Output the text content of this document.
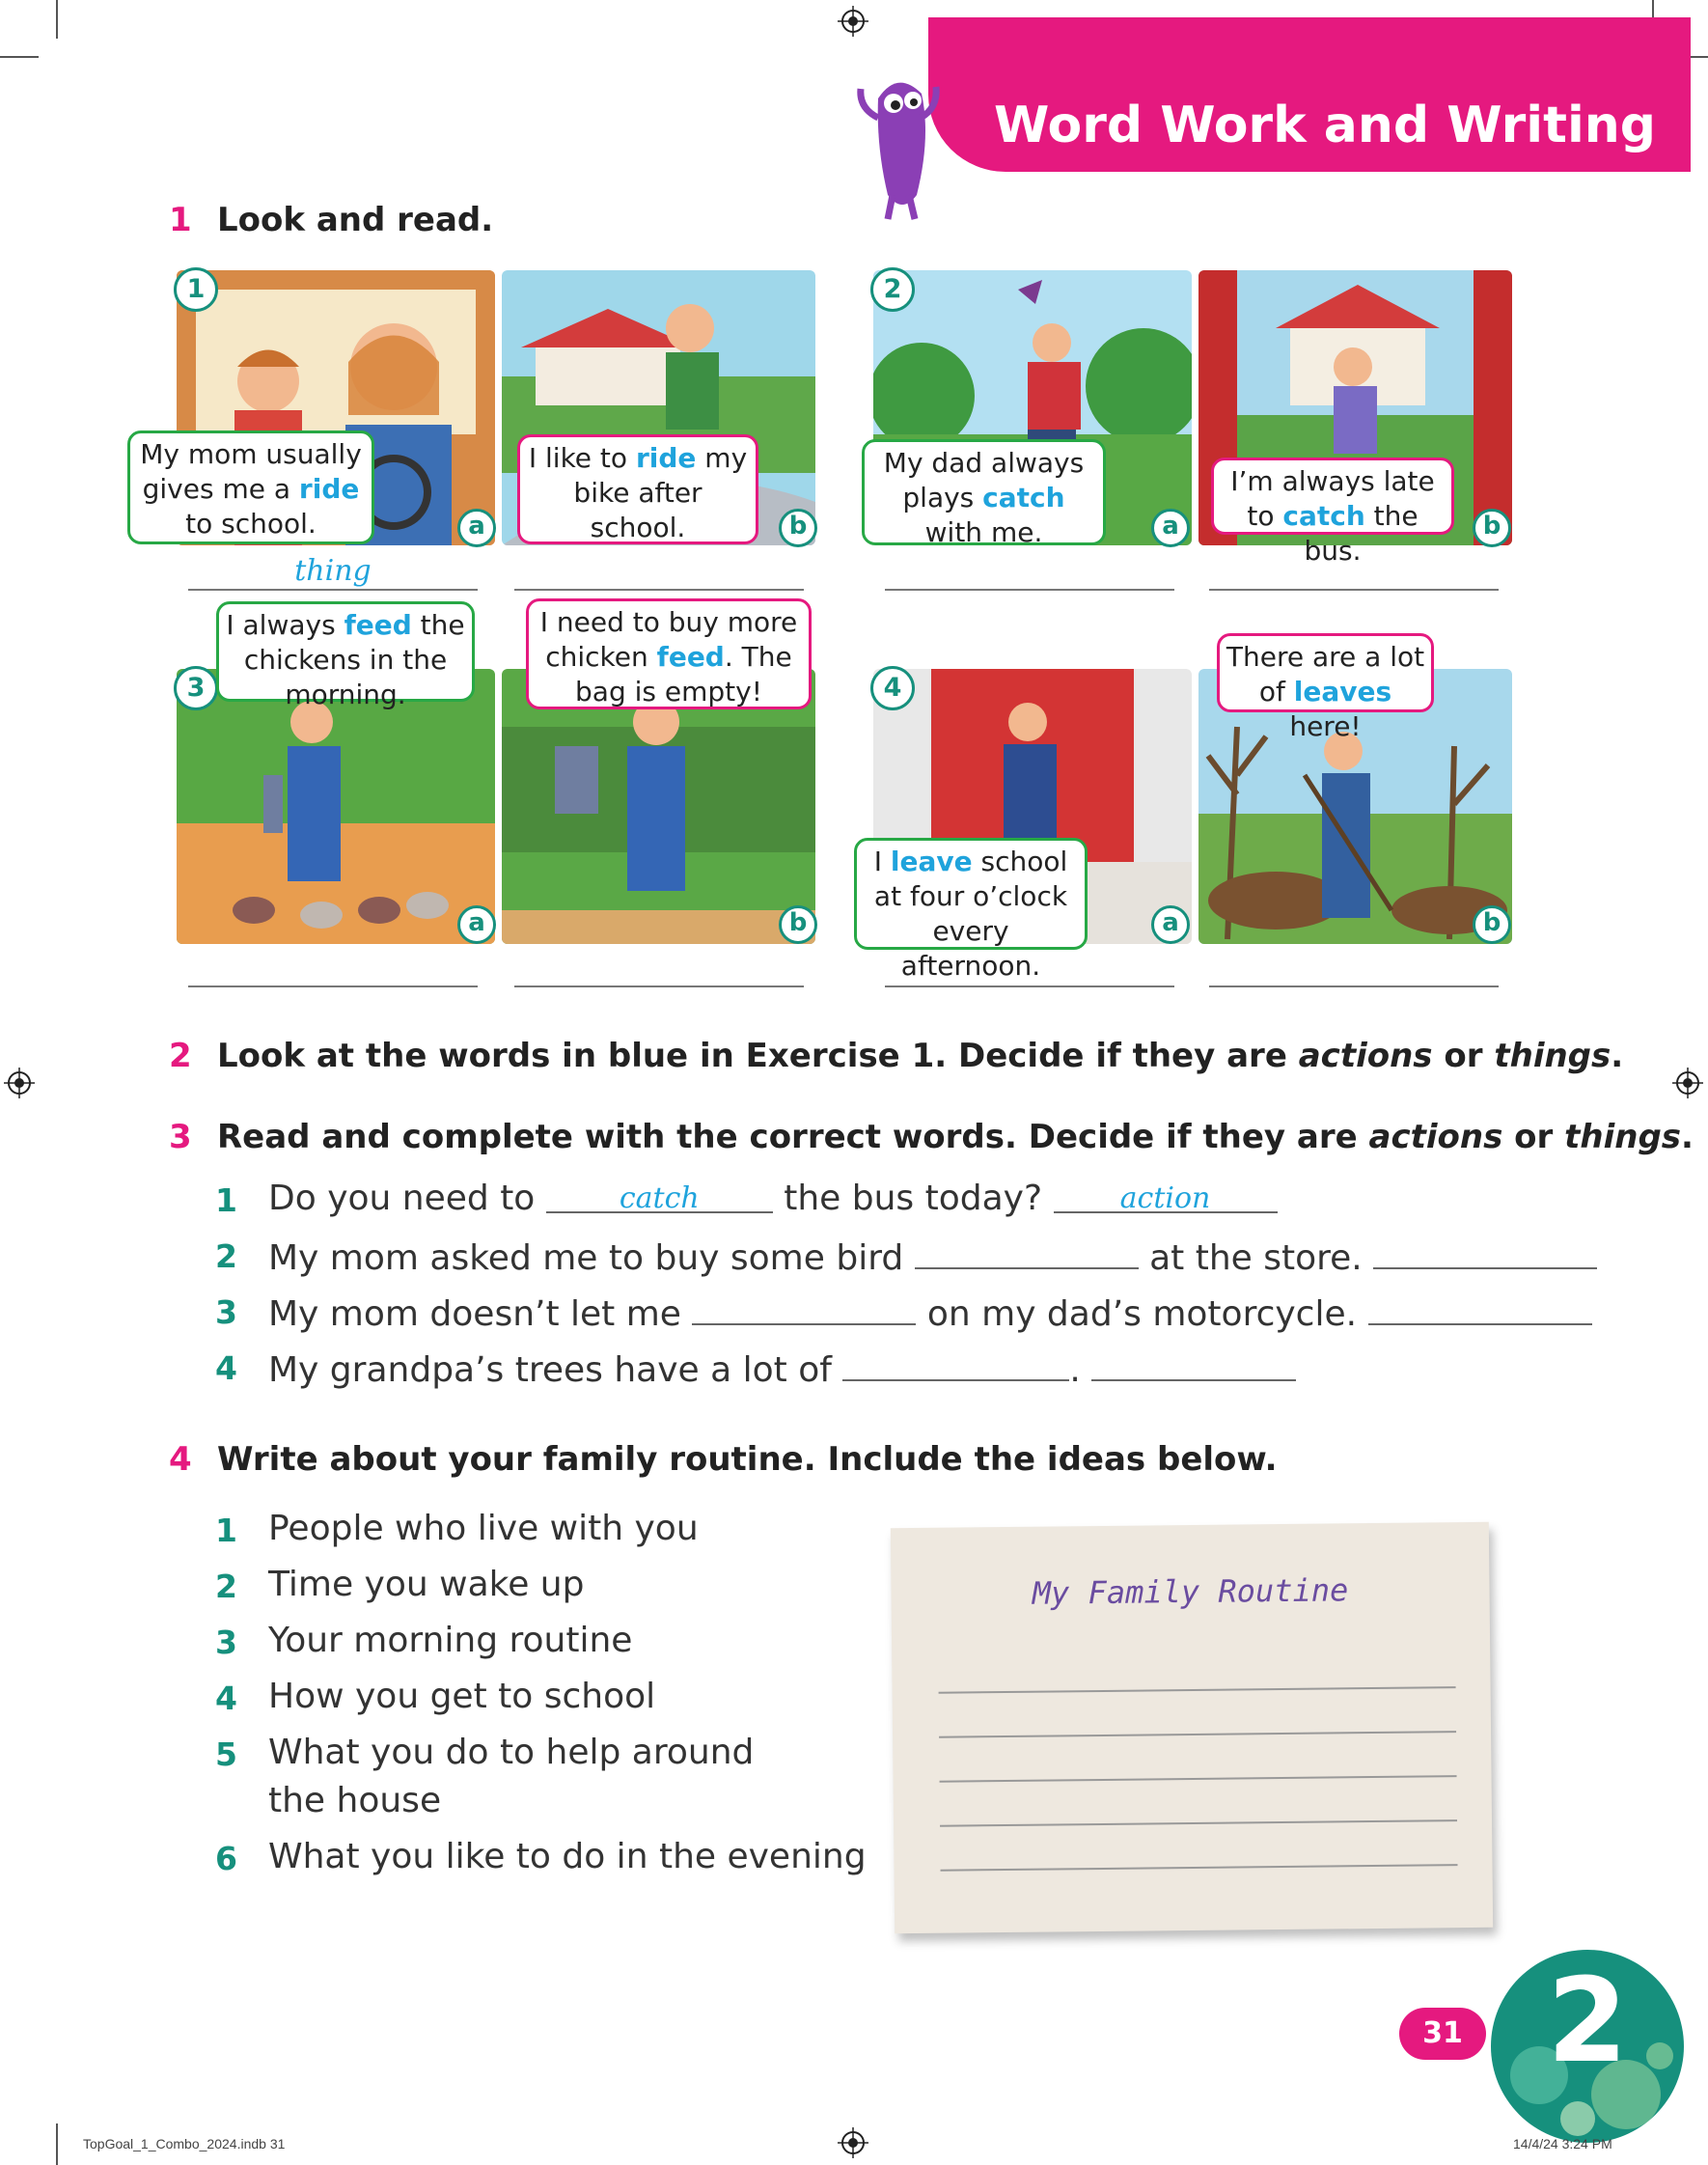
Word Work and Writing
1 Look and read.
1
My mom usually gives me a ride to school.
I like to ride my bike after school.
a	b
thing
2
My dad always plays catch with me.
I’m always late to catch the bus.
a	b
3
I always feed the chickens in the morning.
I need to buy more chicken feed. The bag is empty!
a	b
4
I leave school at four o’clock every afternoon.
There are a lot of leaves here!
a	b
2 Look at the words in blue in Exercise 1. Decide if they are actions or things.
3 Read and complete with the correct words. Decide if they are actions or things.
1 Do you need to	catch the bus today? action
2 My mom asked me to buy some bird	at the store.
3 My mom doesn’t let me	on my dad’s motorcycle.
4 My grandpa’s trees have a lot of	.
4 Write about your family routine. Include the ideas below.
1 People who live with you
2 Time you wake up
3 Your morning routine
4 How you get to school
5 What you do to help around
the house
6 What you like to do in the evening
My Family Routine
31 2
TopGoal_1_Combo_2024.indb 31	14/4/24 3:24 PM
